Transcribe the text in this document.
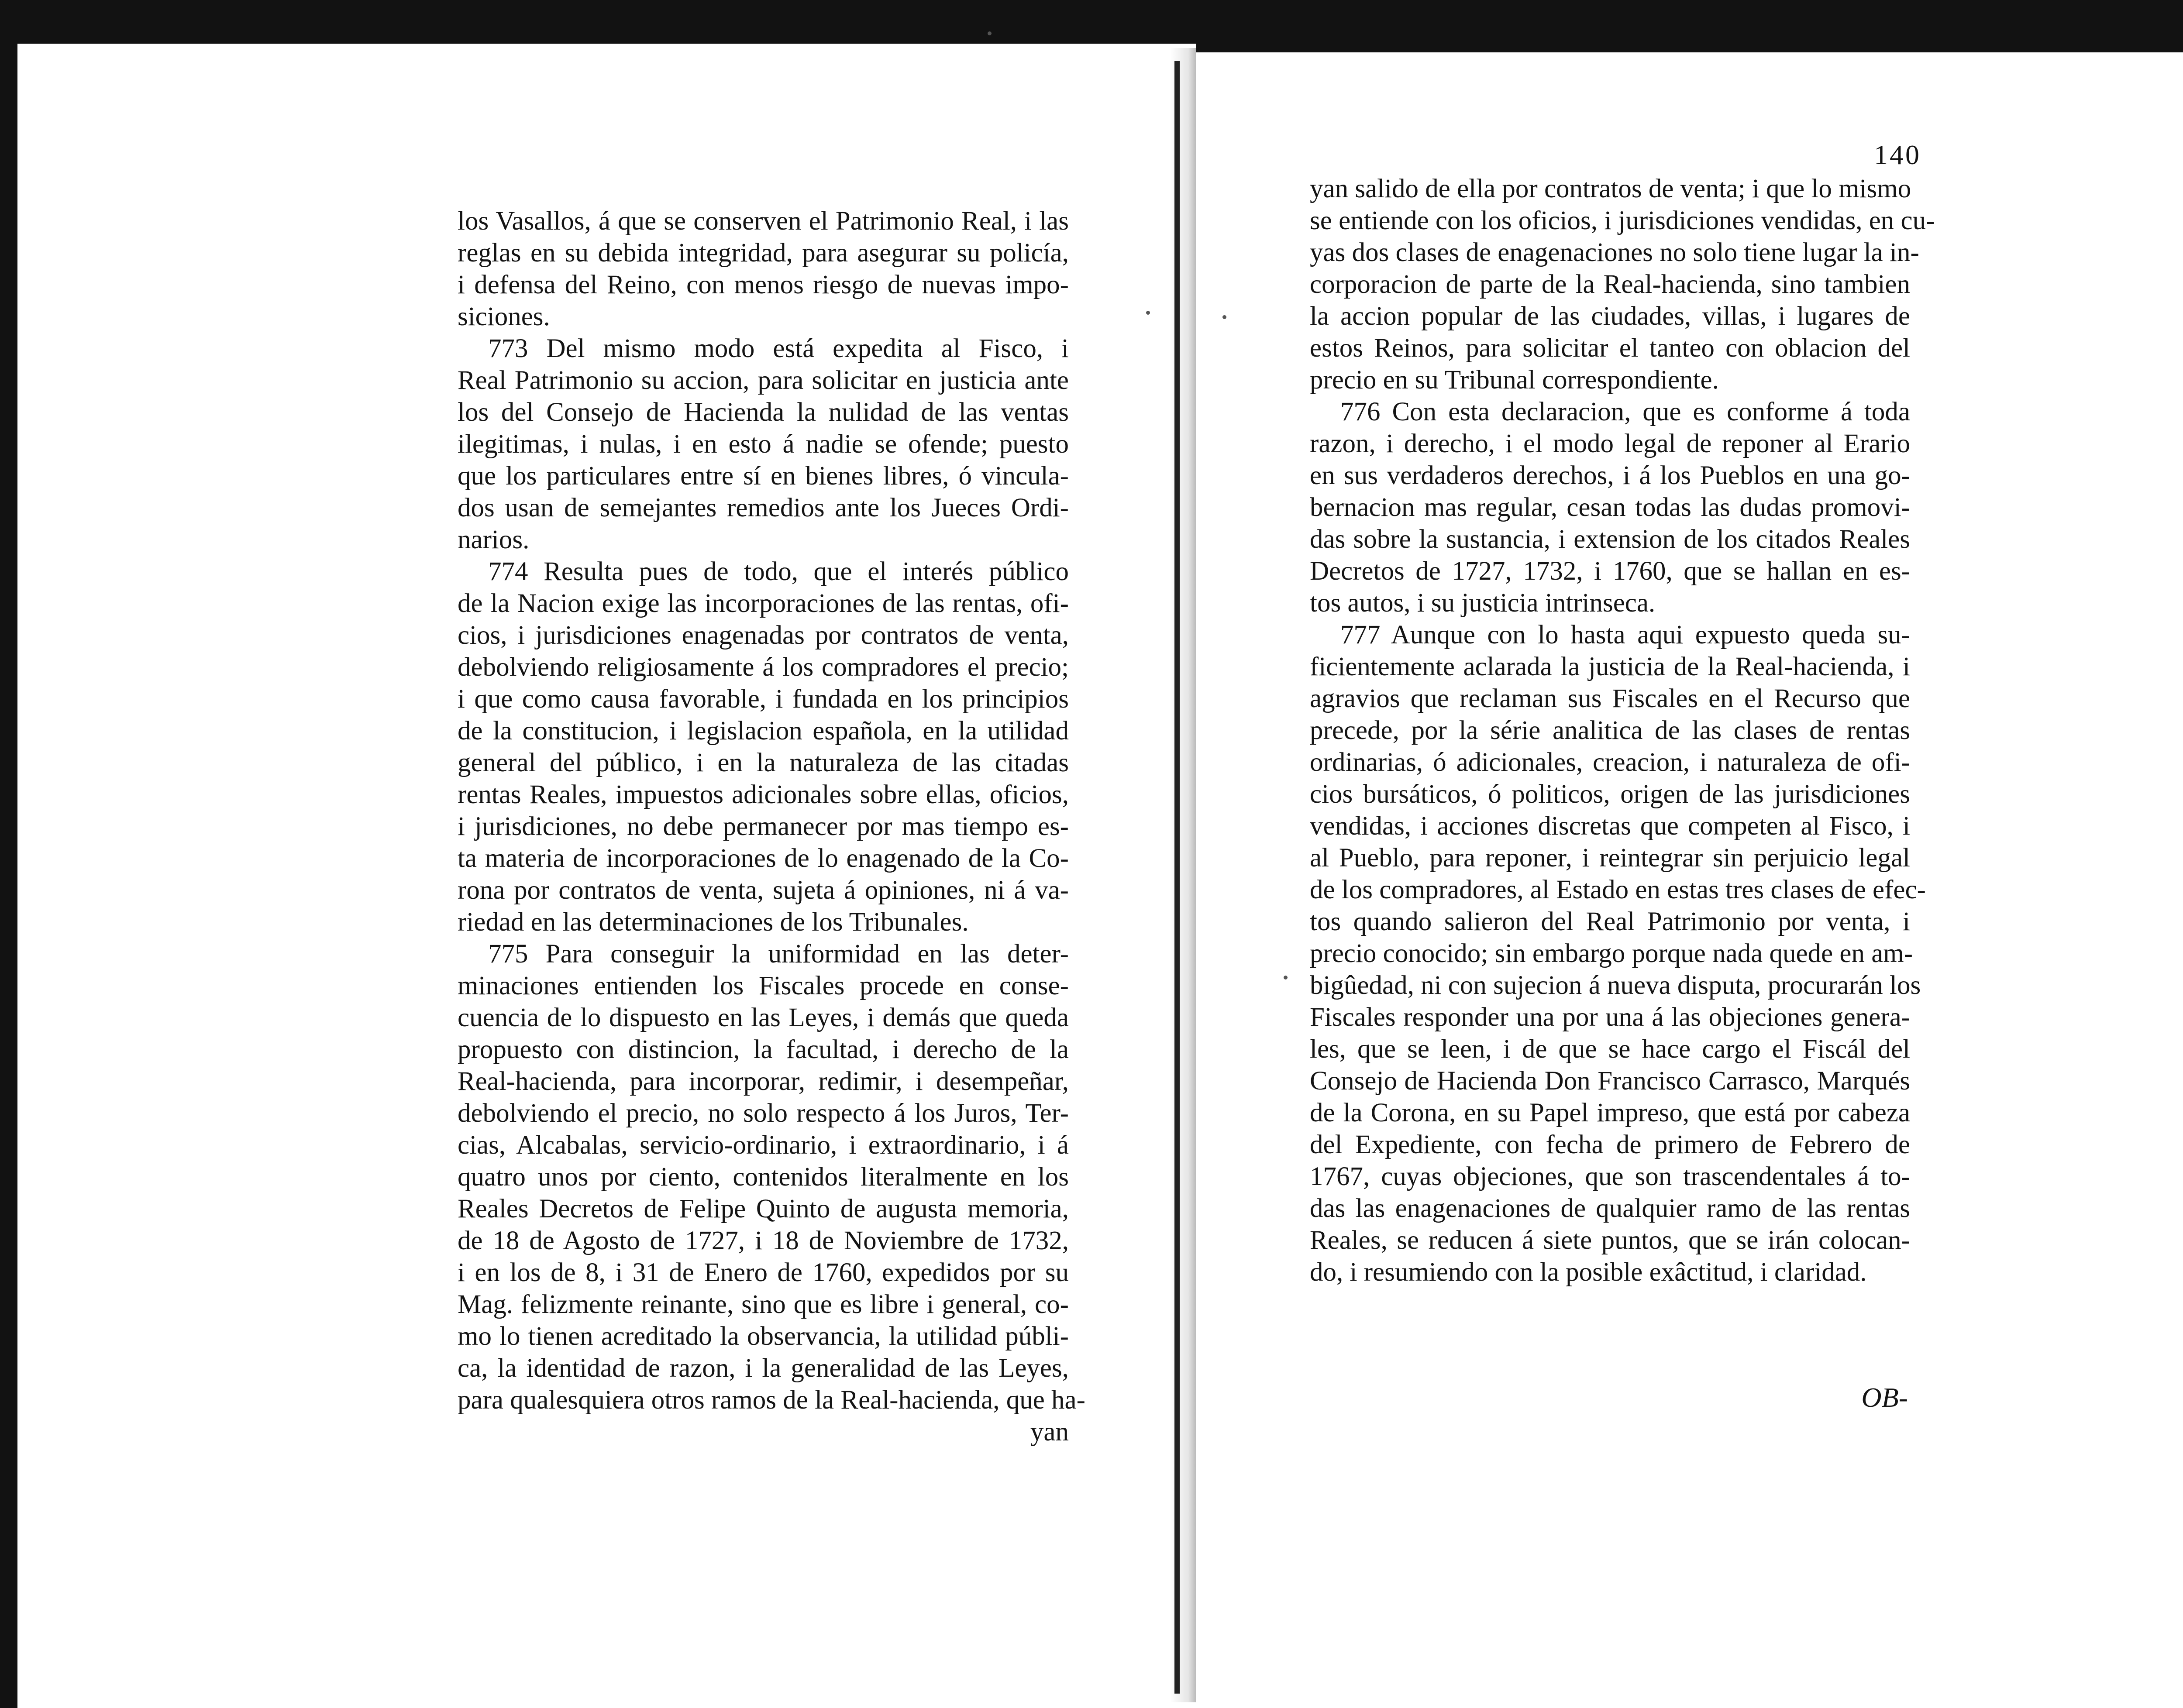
los Vasallos, á que se conserven el Patrimonio Real, i las
reglas en su debida integridad, para asegurar su policía,
i defensa del Reino, con menos riesgo de nuevas impo-
siciones.
773 Del mismo modo está expedita al Fisco, i
Real Patrimonio su accion, para solicitar en justicia ante
los del Consejo de Hacienda la nulidad de las ventas
ilegitimas, i nulas, i en esto á nadie se ofende; puesto
que los particulares entre sí en bienes libres, ó vincula-
dos usan de semejantes remedios ante los Jueces Ordi-
narios.
774 Resulta pues de todo, que el interés público
de la Nacion exige las incorporaciones de las rentas, ofi-
cios, i jurisdiciones enagenadas por contratos de venta,
debolviendo religiosamente á los compradores el precio;
i que como causa favorable, i fundada en los principios
de la constitucion, i legislacion española, en la utilidad
general del público, i en la naturaleza de las citadas
rentas Reales, impuestos adicionales sobre ellas, oficios,
i jurisdiciones, no debe permanecer por mas tiempo es-
ta materia de incorporaciones de lo enagenado de la Co-
rona por contratos de venta, sujeta á opiniones, ni á va-
riedad en las determinaciones de los Tribunales.
775 Para conseguir la uniformidad en las deter-
minaciones entienden los Fiscales procede en conse-
cuencia de lo dispuesto en las Leyes, i demás que queda
propuesto con distincion, la facultad, i derecho de la
Real-hacienda, para incorporar, redimir, i desempeñar,
debolviendo el precio, no solo respecto á los Juros, Ter-
cias, Alcabalas, servicio-ordinario, i extraordinario, i á
quatro unos por ciento, contenidos literalmente en los
Reales Decretos de Felipe Quinto de augusta memoria,
de 18 de Agosto de 1727, i 18 de Noviembre de 1732,
i en los de 8, i 31 de Enero de 1760, expedidos por su
Mag. felizmente reinante, sino que es libre i general, co-
mo lo tienen acreditado la observancia, la utilidad públi-
ca, la identidad de razon, i la generalidad de las Leyes,
para qualesquiera otros ramos de la Real-hacienda, que ha-
yan
yan salido de ella por contratos de venta; i que lo mismo
se entiende con los oficios, i jurisdiciones vendidas, en cu-
yas dos clases de enagenaciones no solo tiene lugar la in-
corporacion de parte de la Real-hacienda, sino tambien
la accion popular de las ciudades, villas, i lugares de
estos Reinos, para solicitar el tanteo con oblacion del
precio en su Tribunal correspondiente.
776 Con esta declaracion, que es conforme á toda
razon, i derecho, i el modo legal de reponer al Erario
en sus verdaderos derechos, i á los Pueblos en una go-
bernacion mas regular, cesan todas las dudas promovi-
das sobre la sustancia, i extension de los citados Reales
Decretos de 1727, 1732, i 1760, que se hallan en es-
tos autos, i su justicia intrinseca.
777 Aunque con lo hasta aqui expuesto queda su-
ficientemente aclarada la justicia de la Real-hacienda, i
agravios que reclaman sus Fiscales en el Recurso que
precede, por la série analitica de las clases de rentas
ordinarias, ó adicionales, creacion, i naturaleza de ofi-
cios bursáticos, ó politicos, origen de las jurisdiciones
vendidas, i acciones discretas que competen al Fisco, i
al Pueblo, para reponer, i reintegrar sin perjuicio legal
de los compradores, al Estado en estas tres clases de efec-
tos quando salieron del Real Patrimonio por venta, i
precio conocido; sin embargo porque nada quede en am-
bigûedad, ni con sujecion á nueva disputa, procurarán los
Fiscales responder una por una á las objeciones genera-
les, que se leen, i de que se hace cargo el Fiscál del
Consejo de Hacienda Don Francisco Carrasco, Marqués
de la Corona, en su Papel impreso, que está por cabeza
del Expediente, con fecha de primero de Febrero de
1767, cuyas objeciones, que son trascendentales á to-
das las enagenaciones de qualquier ramo de las rentas
Reales, se reducen á siete puntos, que se irán colocan-
do, i resumiendo con la posible exâctitud, i claridad.
140
OB-
